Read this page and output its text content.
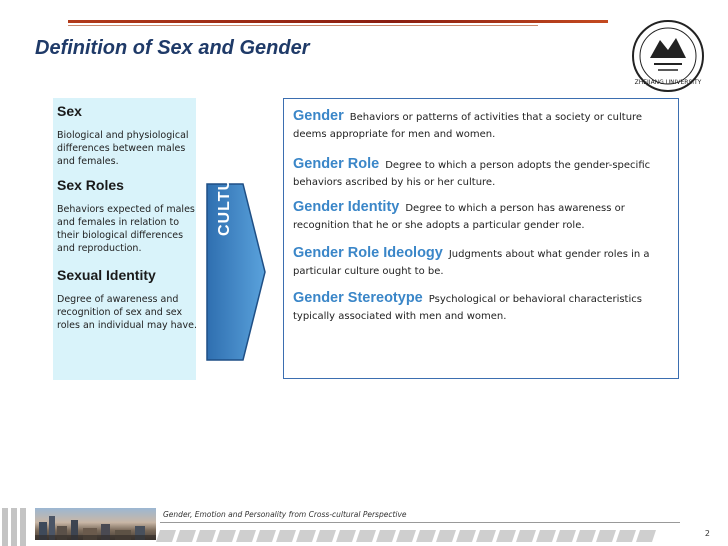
Definition of Sex and Gender
ZHEJIANG UNIVERSITY
Sex
Biological and physiological differences between males and females.
Sex Roles
Behaviors expected of males and females in relation to their biological differences and reproduction.
Sexual Identity
Degree of awareness and recognition of sex and sex roles an individual may have.
CULTURE
Gender Behaviors or patterns of activities that a society or culture deems appropriate for men and women.
Gender Role Degree to which a person adopts the gender-specific behaviors ascribed by his or her culture.
Gender Identity Degree to which a person has awareness or recognition that he or she adopts a particular gender role.
Gender Role Ideology Judgments about what gender roles in a particular culture ought to be.
Gender Stereotype Psychological or behavioral characteristics typically associated with men and women.
Gender, Emotion and Personality from Cross-cultural Perspective
2
